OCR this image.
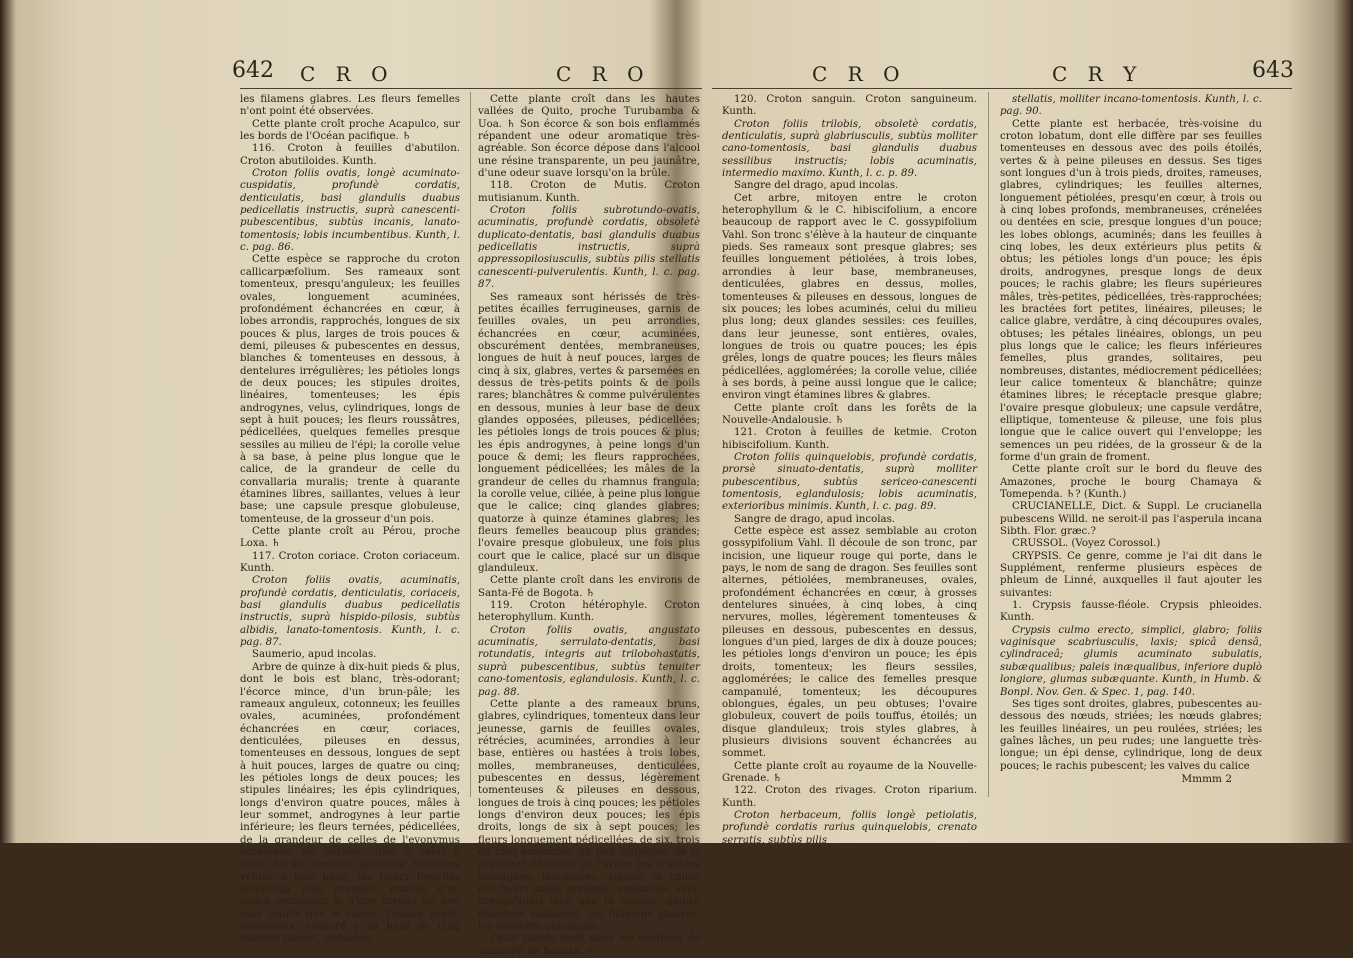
642 C R O	C R O

les filamens glabres. Les fleurs femelles n'ont point été observées.

Cette plante croît proche Acapulco, sur les bords de l'Océan pacifique. ♄

116. Croton à feuilles d'abutilon. Croton abutiloides. Kunth.

Croton foliis ovatis, longè acuminato-cuspidatis, profundè cordatis, denticulatis, basi glandulis duabus pedicellatis instructis, suprà canescenti-pubescentibus, subtùs incanis, lanato-tomentosis; lobis incumbentibus. Kunth, l. c. pag. 86.

Cette espèce se rapproche du croton callicarpæfolium. Ses rameaux sont tomenteux, presqu'anguleux; les feuilles ovales, longuement acuminées, profondément échancrées en cœur, à lobes arrondis, rapprochés, longues de six pouces & plus, larges de trois pouces & demi, pileuses & pubescentes en dessus, blanches & tomenteuses en dessous, à dentelures irrégulières; les pétioles longs de deux pouces; les stipules droites, linéaires, tomenteuses; les épis androgynes, velus, cylindriques, longs de sept à huit pouces; les fleurs roussâtres, pédicellées, quelques femelles presque sessiles au milieu de l'épi; la corolle velue à sa base, à peine plus longue que le calice, de la grandeur de celle du convallaria muralis; trente à quarante étamines libres, saillantes, velues à leur base; une capsule presque globuleuse, tomenteuse, de la grosseur d'un pois.

Cette plante croît au Pérou, proche Loxa. ♄

117. Croton coriace. Croton coriaceum. Kunth.

Croton foliis ovatis, acuminatis, profundè cordatis, denticulatis, coriaceis, basi glandulis duabus pedicellatis instructis, suprà hispido-pilosis, subtùs albidis, lanato-tomentosis. Kunth, l. c. pag. 87.

Saumerio, apud incolas.

Arbre de quinze à dix-huit pieds & plus, dont le bois est blanc, très-odorant; l'écorce mince, d'un brun-pâle; les rameaux anguleux, cotonneux; les feuilles ovales, acuminées, profondément échancrées en cœur, coriaces, denticulées, pileuses en dessus, tomenteuses en dessous, longues de sept à huit pouces, larges de quatre ou cinq; les pétioles longs de deux pouces; les stipules linéaires; les épis cylindriques, longs d'environ quatre pouces, mâles à leur sommet, androgynes à leur partie inférieure; les fleurs ternées, pédicellées, de la grandeur de celles de l'evonymus europæus; les pétales ciliés & velus à leurs bords; environ quarante étamines velues à leur base; les fleurs femelles beaucoup plus grandes, munies d'un calice persistant & d'une corolle un peu plus courte que le calice; l'ovaire ovale, tomenteux, entouré à sa base de cinq glandes jaunes, ondulées.

Cette plante croît dans les hautes vallées de Quito, proche Turubamba & Uoa. ♄ Son écorce & son bois enflammés répandent une odeur aromatique très-agréable. Son écorce dépose dans l'alcool une résine transparente, un peu jaunâtre, d'une odeur suave lorsqu'on la brûle.

118. Croton de Mutis. Croton mutisianum. Kunth.

Croton foliis subrotundo-ovatis, acuminatis, profundè cordatis, obsoletè duplicato-dentatis, basi glandulis duabus pedicellatis instructis, suprà appressopilosiusculis, subtùs pilis stellatis canescenti-pulverulentis. Kunth, l. c. pag. 87.

Ses rameaux sont hérissés de très-petites écailles ferrugineuses, garnis de feuilles ovales, un peu arrondies, échancrées en cœur, acuminées, obscurément dentées, membraneuses, longues de huit à neuf pouces, larges de cinq à six, glabres, vertes & parsemées en dessus de très-petits points & de poils rares; blanchâtres & comme pulvérulentes en dessous, munies à leur base de deux glandes opposées, pileuses, pédicellées; les pétioles longs de trois pouces & plus; les épis androgynes, à peine longs d'un pouce & demi; les fleurs rapprochées, longuement pédicellées; les mâles de la grandeur de celles du rhamnus frangula; la corolle velue, ciliée, à peine plus longue que le calice; cinq glandes glabres; quatorze à quinze étamines glabres; les fleurs femelles beaucoup plus grandes; l'ovaire presque globuleux, une fois plus court que le calice, placé sur un disque glanduleux.

Cette plante croît dans les environs de Santa-Fé de Bogota. ♄

119. Croton hétérophyle. Croton heterophyllum. Kunth.

Croton foliis ovatis, angustato acuminatis, serrulato-dentatis, basi rotundatis, integris aut trilobohastatis, suprà pubescentibus, subtùs tenuiter cano-tomentosis, eglandulosis. Kunth, l. c. pag. 88.

Cette plante a des rameaux bruns, glabres, cylindriques, tomenteux dans leur jeunesse, garnis de feuilles ovales, rétrécies, acuminées, arrondies à leur base, entières ou hastées à trois lobes, molles, membraneuses, denticulées, pubescentes en dessus, légèrement tomenteuses & pileuses en dessous, longues de trois à cinq pouces; les pétioles longs d'environ deux pouces; les épis droits, longs de six à sept pouces; les fleurs longuement pédicellées, de six, trois ou cinq ensemble, un peu distantes, de la grandeur de celles de l'orme; les bractées oblongues, lancéolées, aiguës; le calice des fleurs mâles presque campanulé, velu, presqu'aussi long que la corolle; quinze étamines saillantes; les filamens glabres; les anthères oblongues.

Cette plante croît dans les environs de Santa-Fé de Bogota. ♄

C R O	C R Y	643

120. Croton sanguin. Croton sanguineum. Kunth.

Croton foliis trilobis, obsoletè cordatis, denticulatis, suprà glabriusculis, subtùs molliter cano-tomentosis, basi glandulis duabus sessilibus instructis; lobis acuminatis, intermedio maximo. Kunth, l. c. p. 89.

Sangre del drago, apud incolas.

Cet arbre, mitoyen entre le croton heterophyllum & le C. hibiscifolium, a encore beaucoup de rapport avec le C. gossypifolium Vahl. Son tronc s'élève à la hauteur de cinquante pieds. Ses rameaux sont presque glabres; ses feuilles longuement pétiolées, à trois lobes, arrondies à leur base, membraneuses, denticulées, glabres en dessus, molles, tomenteuses & pileuses en dessous, longues de six pouces; les lobes acuminés, celui du milieu plus long; deux glandes sessiles: ces feuilles, dans leur jeunesse, sont entières, ovales, longues de trois ou quatre pouces; les épis grêles, longs de quatre pouces; les fleurs mâles pédicellées, agglomérées; la corolle velue, ciliée à ses bords, à peine aussi longue que le calice; environ vingt étamines libres & glabres.

Cette plante croît dans les forêts de la Nouvelle-Andalousie. ♄

121. Croton à feuilles de ketmie. Croton hibiscifolium. Kunth.

Croton foliis quinquelobis, profundè cordatis, prorsè sinuato-dentatis, suprà molliter pubescentibus, subtùs sericeo-canescenti tomentosis, eglandulosis; lobis acuminatis, exterioribus minimis. Kunth, l. c. pag. 89.

Sangre de drago, apud incolas.

Cette espèce est assez semblable au croton gossypifolium Vahl. Il découle de son tronc, par incision, une liqueur rouge qui porte, dans le pays, le nom de sang de dragon. Ses feuilles sont alternes, pétiolées, membraneuses, ovales, profondément échancrées en cœur, à grosses dentelures sinuées, à cinq lobes, à cinq nervures, molles, légèrement tomenteuses & pileuses en dessous, pubescentes en dessus, longues d'un pied, larges de dix à douze pouces; les pétioles longs d'environ un pouce; les épis droits, tomenteux; les fleurs sessiles, agglomérées; le calice des femelles presque campanulé, tomenteux; les découpures oblongues, égales, un peu obtuses; l'ovaire globuleux, couvert de poils touffus, étoilés; un disque glanduleux; trois styles glabres, à plusieurs divisions souvent échancrées au sommet.

Cette plante croît au royaume de la Nouvelle-Grenade. ♄

122. Croton des rivages. Croton riparium. Kunth.

Croton herbaceum, foliis longè petiolatis, profundè cordatis rarius quinquelobis, crenato serratis, subtùs pilis

stellatis, molliter incano-tomentosis. Kunth, l. c. pag. 90.

Cette plante est herbacée, très-voisine du croton lobatum, dont elle diffère par ses feuilles tomenteuses en dessous avec des poils étoilés, vertes & à peine pileuses en dessus. Ses tiges sont longues d'un à trois pieds, droites, rameuses, glabres, cylindriques; les feuilles alternes, longuement pétiolées, presqu'en cœur, à trois ou à cinq lobes profonds, membraneuses, crénelées ou dentées en scie, presque longues d'un pouce; les lobes oblongs, acuminés; dans les feuilles à cinq lobes, les deux extérieurs plus petits & obtus; les pétioles longs d'un pouce; les épis droits, androgynes, presque longs de deux pouces; le rachis glabre; les fleurs supérieures mâles, très-petites, pédicellées, très-rapprochées; les bractées fort petites, linéaires, pileuses; le calice glabre, verdâtre, à cinq découpures ovales, obtuses; les pétales linéaires, oblongs, un peu plus longs que le calice; les fleurs inférieures femelles, plus grandes, solitaires, peu nombreuses, distantes, médiocrement pédicellées; leur calice tomenteux & blanchâtre; quinze étamines libres; le réceptacle presque glabre; l'ovaire presque globuleux; une capsule verdâtre, elliptique, tomenteuse & pileuse, une fois plus longue que le calice ouvert qui l'enveloppe; les semences un peu ridées, de la grosseur & de la forme d'un grain de froment.

Cette plante croît sur le bord du fleuve des Amazones, proche le bourg Chamaya & Tomependa. ♄? (Kunth.)

CRUCIANELLE, Dict. & Suppl. Le crucianella pubescens Willd. ne seroit-il pas l'asperula incana Sibth. Flor. græc.?

CRUSSOL. (Voyez Corossol.)

CRYPSIS. Ce genre, comme je l'ai dit dans le Supplément, renferme plusieurs espèces de phleum de Linné, auxquelles il faut ajouter les suivantes:

1. Crypsis fausse-fléole. Crypsis phleoides. Kunth.

Crypsis culmo erecto, simplici, glabro; foliis vaginisque scabriusculis, laxis; spicâ densâ, cylindraceâ; glumis acuminato subulatis, subæqualibus; paleis inæqualibus, inferiore duplò longiore, glumas subæquante. Kunth, in Humb. & Bonpl. Nov. Gen. & Spec. 1, pag. 140.

Ses tiges sont droites, glabres, pubescentes au-dessous des nœuds, striées; les nœuds glabres; les feuilles linéaires, un peu roulées, striées; les gaînes lâches, un peu rudes; une languette très-longue; un épi dense, cylindrique, long de deux pouces; le rachis pubescent; les valves du calice

Mmmm 2
